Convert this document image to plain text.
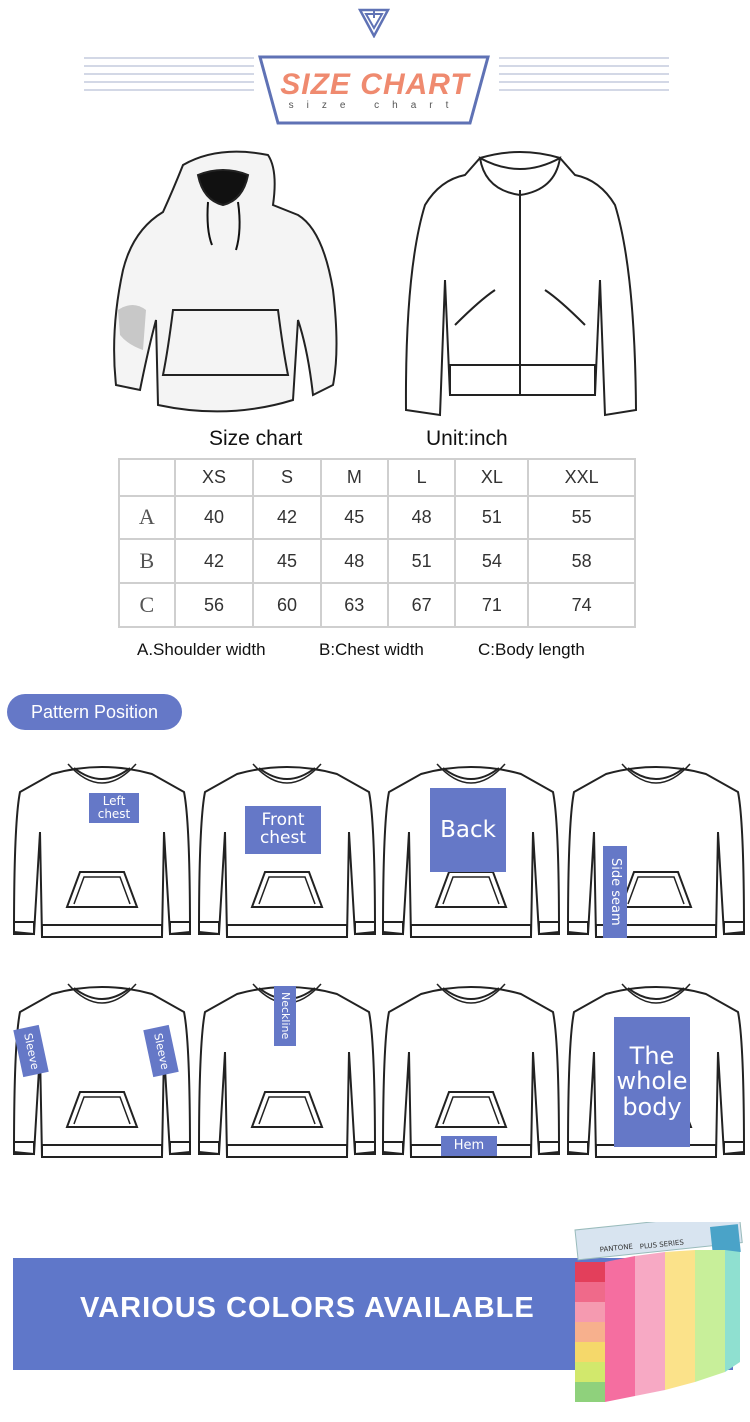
SIZE CHART
size chart
Size chart	Unit:inch
	XS	S	M	L	XL	XXL
A	40	42	45	48	51	55
B	42	45	48	51	54	58
C	56	60	63	67	71	74
A.Shoulder width	B:Chest width	C:Body length
Pattern Position
Left chest	Front chest	Back
Side seam
Sleeve	Sleeve
Neckline
Hem
The whole body
VARIOUS COLORS AVAILABLE
PANTONE PLUS SERIES
